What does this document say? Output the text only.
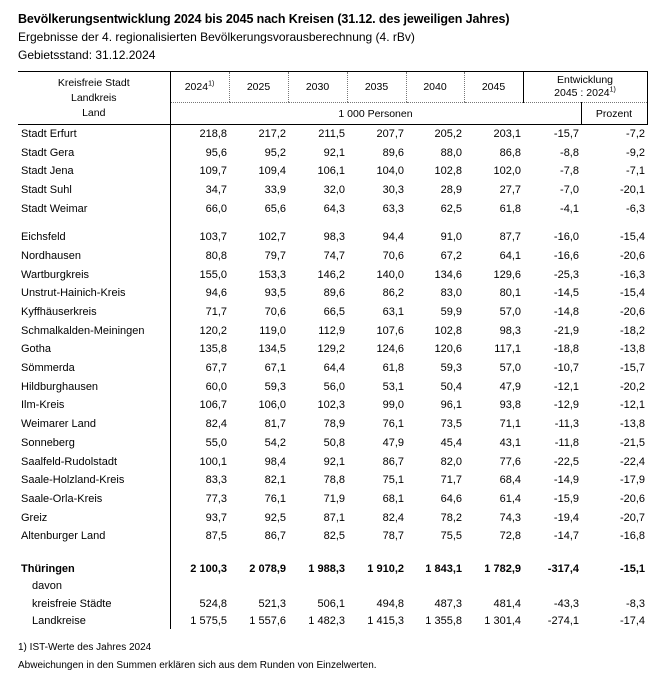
Bevölkerungsentwicklung 2024 bis 2045 nach Kreisen (31.12. des jeweiligen Jahres)
Ergebnisse der 4. regionalisierten Bevölkerungsvorausberechnung (4. rBv)
Gebietsstand: 31.12.2024
Kreisfreie Stadt
Landkreis
Land
	2024$^{1)}$	2025	2030	2035	2040	2045	
Entwicklung
2045 : 2024$^{1)}$

	1 000 Personen							Prozent
Stadt Erfurt	218,8	217,2	211,5	207,7	205,2	203,1	-15,7	-7,2
Stadt Gera	95,6	95,2	92,1	89,6	88,0	86,8	-8,8	-9,2
Stadt Jena	109,7	109,4	106,1	104,0	102,8	102,0	-7,8	-7,1
Stadt Suhl	34,7	33,9	32,0	30,3	28,9	27,7	-7,0	-20,1
Stadt Weimar	66,0	65,6	64,3	63,3	62,5	61,8	-4,1	-6,3

Eichsfeld	103,7	102,7	98,3	94,4	91,0	87,7	-16,0	-15,4
Nordhausen	80,8	79,7	74,7	70,6	67,2	64,1	-16,6	-20,6
Wartburgkreis	155,0	153,3	146,2	140,0	134,6	129,6	-25,3	-16,3
Unstrut-Hainich-Kreis	94,6	93,5	89,6	86,2	83,0	80,1	-14,5	-15,4
Kyffhäuserkreis	71,7	70,6	66,5	63,1	59,9	57,0	-14,8	-20,6
Schmalkalden-Meiningen	120,2	119,0	112,9	107,6	102,8	98,3	-21,9	-18,2
Gotha	135,8	134,5	129,2	124,6	120,6	117,1	-18,8	-13,8
Sömmerda	67,7	67,1	64,4	61,8	59,3	57,0	-10,7	-15,7
Hildburghausen	60,0	59,3	56,0	53,1	50,4	47,9	-12,1	-20,2
Ilm-Kreis	106,7	106,0	102,3	99,0	96,1	93,8	-12,9	-12,1
Weimarer Land	82,4	81,7	78,9	76,1	73,5	71,1	-11,3	-13,8
Sonneberg	55,0	54,2	50,8	47,9	45,4	43,1	-11,8	-21,5
Saalfeld-Rudolstadt	100,1	98,4	92,1	86,7	82,0	77,6	-22,5	-22,4
Saale-Holzland-Kreis	83,3	82,1	78,8	75,1	71,7	68,4	-14,9	-17,9
Saale-Orla-Kreis	77,3	76,1	71,9	68,1	64,6	61,4	-15,9	-20,6
Greiz	93,7	92,5	87,1	82,4	78,2	74,3	-19,4	-20,7
Altenburger Land	87,5	86,7	82,5	78,7	75,5	72,8	-14,7	-16,8

Thüringen	2 100,3	2 078,9	1 988,3	1 910,2	1 843,1	1 782,9	-317,4	-15,1
davon								
kreisfreie Städte	524,8	521,3	506,1	494,8	487,3	481,4	-43,3	-8,3
Landkreise	1 575,5	1 557,6	1 482,3	1 415,3	1 355,8	1 301,4	-274,1	-17,4
1) IST-Werte des Jahres 2024
Abweichungen in den Summen erklären sich aus dem Runden von Einzelwerten.
